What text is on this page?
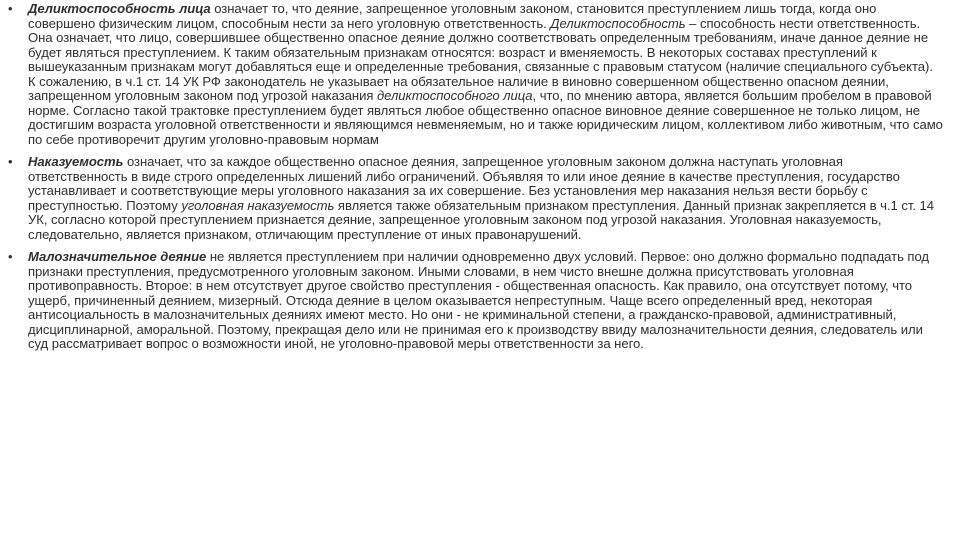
• Деликтоспособность лица означает то, что деяние, запрещенное уголовным законом, становится преступлением лишь тогда, когда оно совершено физическим лицом, способным нести за него уголовную ответственность. Деликтоспособность – способность нести ответственность. Она означает, что лицо, совершившее общественно опасное деяние должно соответствовать определенным требованиям, иначе данное деяние не будет являться преступлением. К таким обязательным признакам относятся: возраст и вменяемость. В некоторых составах преступлений к вышеуказанным признакам могут добавляться еще и определенные требования, связанные с правовым статусом (наличие специального субъекта). К сожалению, в ч.1 ст. 14 УК РФ законодатель не указывает на обязательное наличие в виновно совершенном общественно опасном деянии, запрещенном уголовным законом под угрозой наказания деликтоспособного лица, что, по мнению автора, является большим пробелом в правовой норме. Согласно такой трактовке преступлением будет являться любое общественно опасное виновное деяние совершенное не только лицом, не достигшим возраста уголовной ответственности и являющимся невменяемым, но и также юридическим лицом, коллективом либо животным, что само по себе противоречит другим уголовно-правовым нормам
• Наказуемость означает, что за каждое общественно опасное деяния, запрещенное уголовным законом должна наступать уголовная ответственность в виде строго определенных лишений либо ограничений. Объявляя то или иное деяние в качестве преступления, государство устанавливает и соответствующие меры уголовного наказания за их совершение. Без установления мер наказания нельзя вести борьбу с преступностью. Поэтому уголовная наказуемость является также обязательным признаком преступления. Данный признак закрепляется в ч.1 ст. 14 УК, согласно которой преступлением признается деяние, запрещенное уголовным законом под угрозой наказания. Уголовная наказуемость, следовательно, является признаком, отличающим преступление от иных правонарушений.
• Малозначительное деяние не является преступлением при наличии одновременно двух условий. Первое: оно должно формально подпадать под признаки преступления, предусмотренного уголовным законом. Иными словами, в нем чисто внешне должна присутствовать уголовная противоправность. Второе: в нем отсутствует другое свойство преступления - общественная опасность. Как правило, она отсутствует потому, что ущерб, причиненный деянием, мизерный. Отсюда деяние в целом оказывается непреступным. Чаще всего определенный вред, некоторая антисоциальность в малозначительных деяниях имеют место. Но они - не криминальной степени, а гражданско-правовой, административный, дисциплинарной, аморальной. Поэтому, прекращая дело или не принимая его к производству ввиду малозначительности деяния, следователь или суд рассматривает вопрос о возможности иной, не уголовно-правовой меры ответственности за него.
